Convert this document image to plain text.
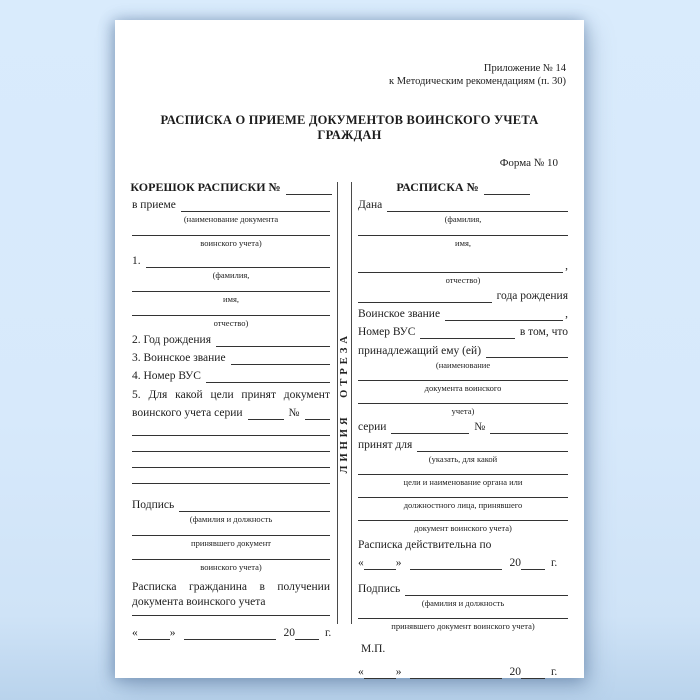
Приложение № 14
к Методическим рекомендациям (п. 30)
РАСПИСКА О ПРИЕМЕ ДОКУМЕНТОВ ВОИНСКОГО УЧЕТА ГРАЖДАН
Форма № 10
КОРЕШОК РАСПИСКИ №
в приеме
(наименование документа
воинского учета)
1.
(фамилия,
имя,
отчество)
2. Год рождения
3. Воинское звание
4. Номер ВУС
5. Для какой цели принят документ
воинского учета серии	№
Подпись
(фамилия и должность
принявшего документ
воинского учета)
Расписка гражданина в получении документа воинского учета
«	»	20	г.
ЛИНИЯ ОТРЕЗА
РАСПИСКА №
Дана
(фамилия,
имя,
,
отчество)
года рождения
Воинское звание	,
Номер ВУС	в том, что
принадлежащий ему (ей)
(наименование
документа воинского
учета)
серии	№
принят для
(указать, для какой
цели и наименование органа или
должностного лица, принявшего
документ воинского учета)
Расписка действительна по
«	»	20	г.
Подпись
(фамилия и должность
принявшего документ воинского учета)
М.П.
«	»	20	г.
